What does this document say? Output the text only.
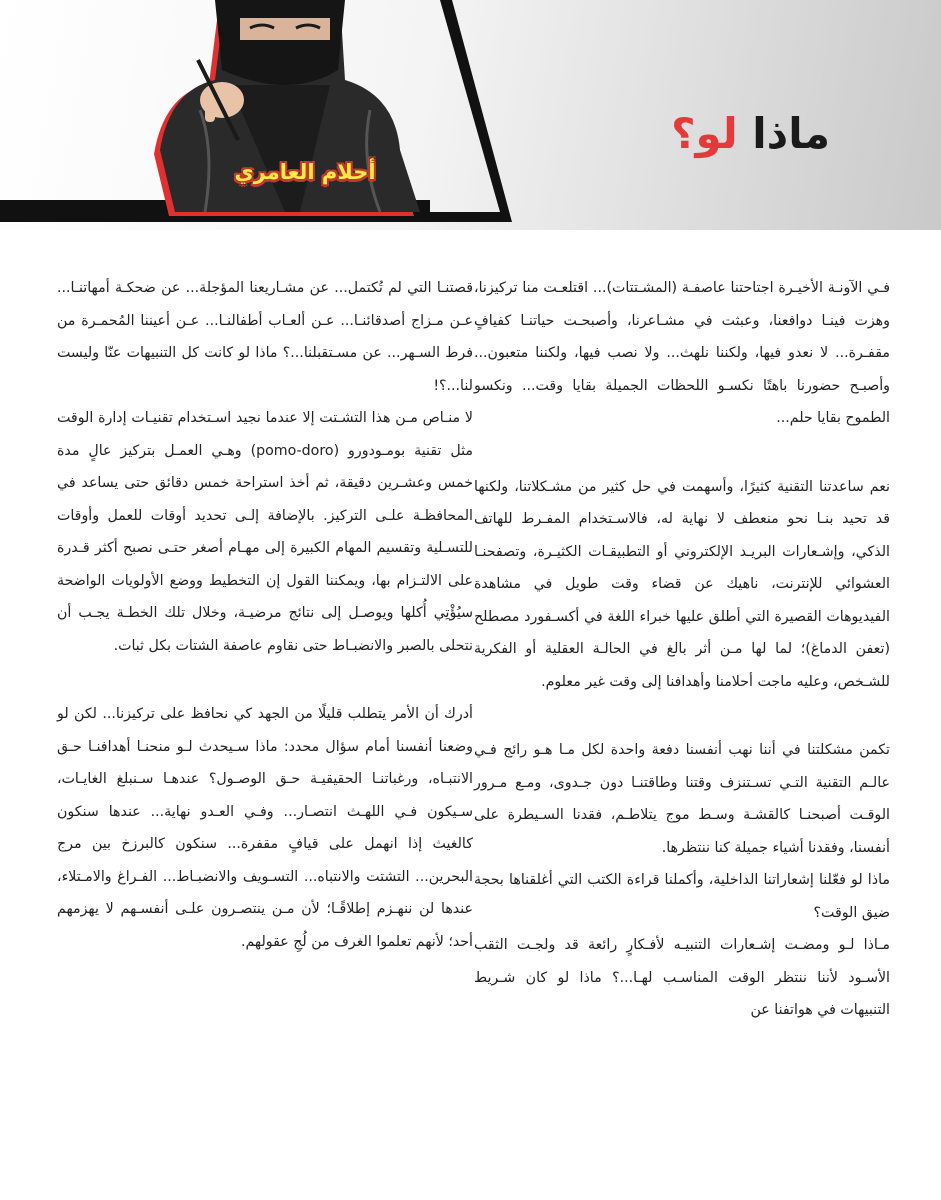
ماذا لو؟
أحلام العامري

فـي الآونـة الأخيـرة اجتاحتنا عاصفـة (المشـتتات)... اقتلعـت منا تركيزنا، وهزت فينـا دوافعنا، وعبثت في مشـاعرنا، وأصبحـت حياتنـا كفيافٍ مقفـرة... لا نعدو فيها، ولكننا نلهث... ولا نصب فيها، ولكننا متعبون... وأصبـح حضورنا باهتًا نكسـو اللحظات الجميلة بقايا وقت... ونكسو الطموح بقايا حلم...

نعم ساعدتنا التقنية كثيرًا، وأسهمت في حل كثير من مشـكلاتنا، ولكنها قد تحيد بنـا نحو منعطف لا نهاية له، فالاسـتخدام المفـرط للهاتف الذكي، وإشـعارات البريـد الإلكتروني أو التطبيقـات الكثيـرة، وتصفحنـا العشوائي للإنترنت، ناهيك عن قضاء وقت طويل في مشاهدة الفيديوهات القصيرة التي أطلق عليها خبراء اللغة في أكسـفورد مصطلح (تعفن الدماغ)؛ لما لها مـن أثر بالغ في الحالـة العقلية أو الفكرية للشـخص، وعليه ماجت أحلامنا وأهدافنا إلى وقت غير معلوم.

تكمن مشكلتنا في أننا نهب أنفسنا دفعة واحدة لكل مـا هـو رائج فـي عالـم التقنية التـي تسـتنزف وقتنا وطاقتنـا دون جـدوى، ومـع مـرور الوقـت أصبحنـا كالقشـة وسـط موج يتلاطـم، فقدنا السـيطرة على أنفسنا، وفقدنا أشياء جميلة كنا ننتظرها.

ماذا لو فعّلنا إشعاراتنا الداخلية، وأكملنا قراءة الكتب التي أغلقناها بحجة ضيق الوقت؟

مـاذا لـو ومضـت إشـعارات التنبيـه لأفـكارٍ رائعة قد ولجـت الثقب الأسـود لأننا ننتظر الوقت المناسـب لهـا...؟ ماذا لو كان شـريط التنبيهات في هواتفنا عن

قصتنـا التي لم تُكتمل... عن مشـاريعنا المؤجلة... عن ضحكـة أمهاتنـا... عـن مـزاج أصدقائنـا... عـن ألعـاب أطفالنـا... عـن أعيننا المُحمـرة من فرط السـهر... عن مسـتقبلنا...؟ ماذا لو كانت كل التنبيهات عنّا وليست لنا...؟!

لا منـاص مـن هذا التشـتت إلا عندما نجيد اسـتخدام تقنيـات إدارة الوقت مثل تقنية بومـودورو (pomo-doro) وهـي العمـل بتركيز عالٍ مدة خمس وعشـرين دقيقة، ثم أخذ استراحة خمس دقائق حتى يساعد في المحافظـة علـى التركيز. بالإضافة إلـى تحديد أوقات للعمل وأوقات للتسـلية وتقسيم المهام الكبيرة إلى مهـام أصغر حتـى نصبح أكثر قـدرة على الالتـزام بها، ويمكننا القول إن التخطيط ووضع الأولويات الواضحة سيُؤْتِي أُكلها ويوصـل إلى نتائج مرضيـة، وخلال تلك الخطـة يجـب أن نتحلى بالصبر والانضبـاط حتى نقاوم عاصفة الشتات بكل ثبات.

أدرك أن الأمر يتطلب قليلًا من الجهد كي نحافظ على تركيزنا... لكن لو وضعنا أنفسنا أمام سؤال محدد: ماذا سـيحدث لـو منحنـا أهدافنـا حـق الانتبـاه، ورغباتنـا الحقيقيـة حـق الوصـول؟ عندهـا سـنبلغ الغايـات، سـيكون فـي اللهـث انتصـار... وفـي العـدو نهاية... عندها سنكون كالغيث إذا انهمل على قيافٍ مقفرة... سنكون كالبرزخ بين مرج البحرين... التشتت والانتباه... التسـويف والانضبـاط... الفـراغ والامـتلاء، عندها لن ننهـزم إطلاقًـا؛ لأن مـن ينتصـرون علـى أنفسـهم لا يهزمهم أحد؛ لأنهم تعلموا الغرف من لُجِ عقولهم.
